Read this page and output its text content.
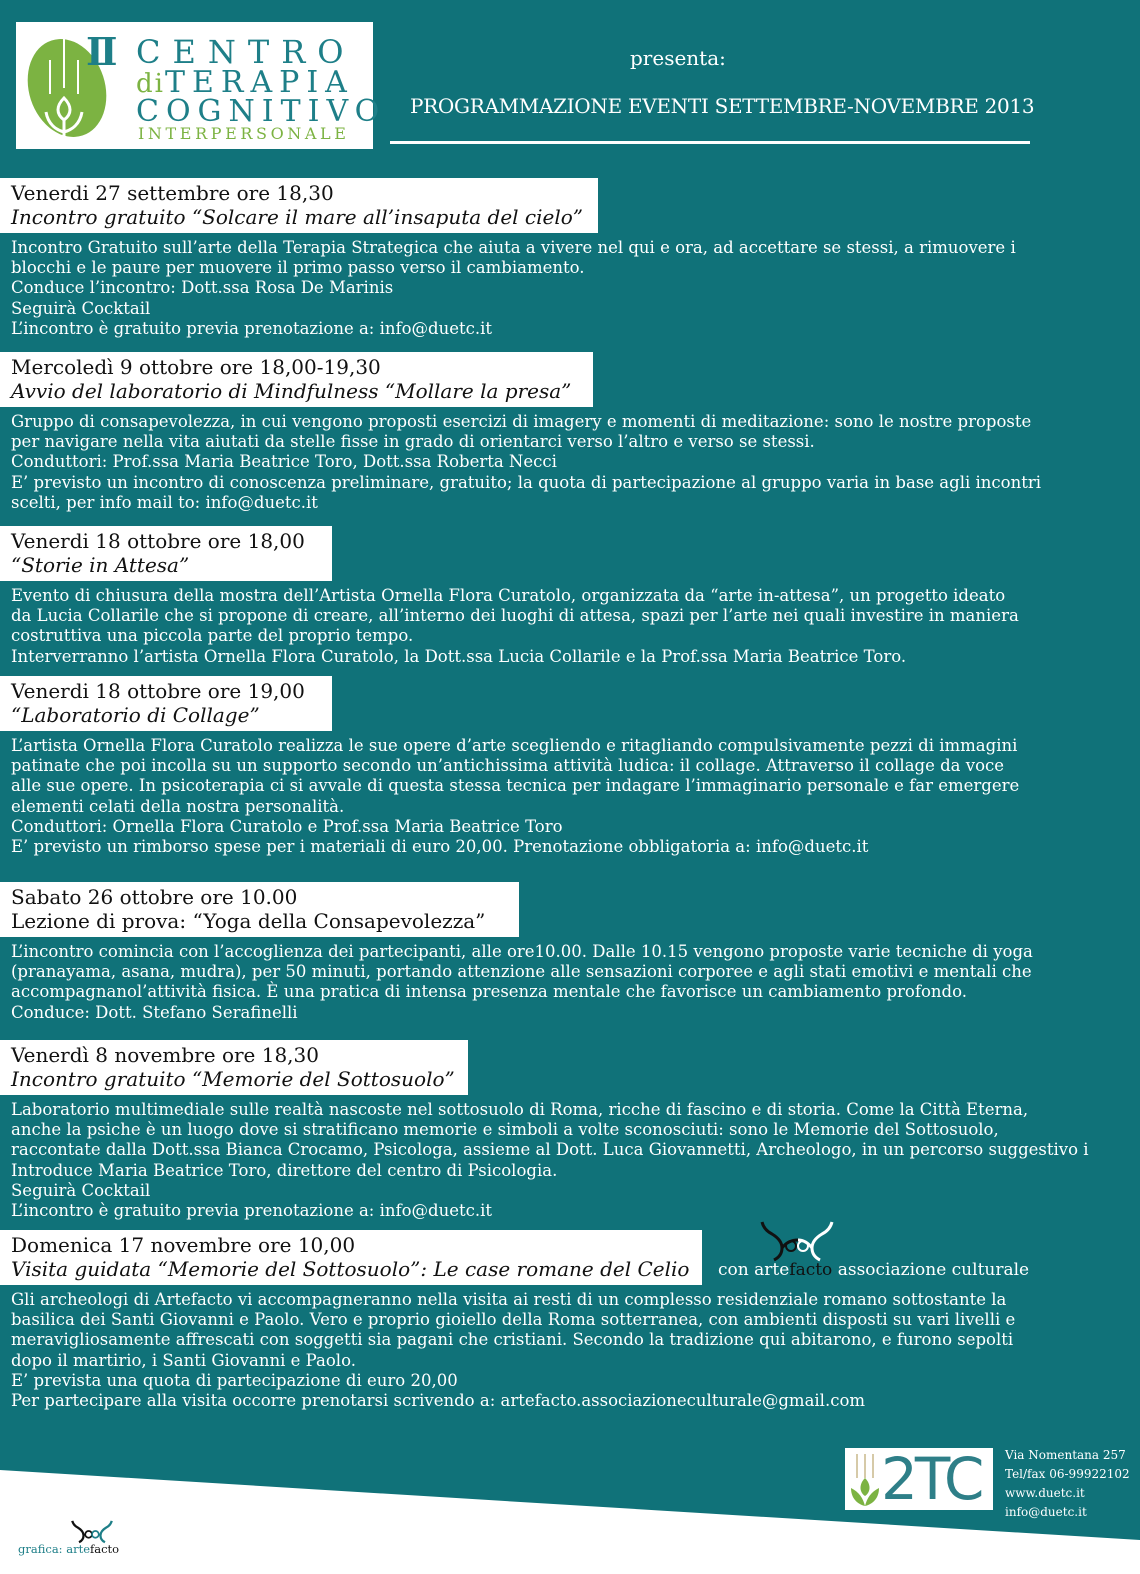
II CENTRO
diTERAPIA
COGNITIVO
INTERPERSONALE
presenta:
PROGRAMMAZIONE EVENTI SETTEMBRE-NOVEMBRE 2013
Venerdi 27 settembre ore 18,30
Incontro gratuito “Solcare il mare all’insaputa del cielo”

Incontro Gratuito sull’arte della Terapia Strategica che aiuta a vivere nel qui e ora, ad accettare se stessi, a rimuovere i

blocchi e le paure per muovere il primo passo verso il cambiamento.

Conduce l’incontro: Dott.ssa Rosa De Marinis

Seguirà Cocktail

L’incontro è gratuito previa prenotazione a: info@duetc.it

Mercoledì 9 ottobre ore 18,00-19,30
Avvio del laboratorio di Mindfulness “Mollare la presa”

Gruppo di consapevolezza, in cui vengono proposti esercizi di imagery e momenti di meditazione: sono le nostre proposte

per navigare nella vita aiutati da stelle fisse in grado di orientarci verso l’altro e verso se stessi.

Conduttori: Prof.ssa Maria Beatrice Toro, Dott.ssa Roberta Necci

E’ previsto un incontro di conoscenza preliminare, gratuito; la quota di partecipazione al gruppo varia in base agli incontri

scelti, per info mail to: info@duetc.it

Venerdi 18 ottobre ore 18,00
“Storie in Attesa”

Evento di chiusura della mostra dell’Artista Ornella Flora Curatolo, organizzata da “arte in-attesa”, un progetto ideato

da Lucia Collarile che si propone di creare, all’interno dei luoghi di attesa, spazi per l’arte nei quali investire in maniera

costruttiva una piccola parte del proprio tempo.

Interverranno l’artista Ornella Flora Curatolo, la Dott.ssa Lucia Collarile e la Prof.ssa Maria Beatrice Toro.

Venerdi 18 ottobre ore 19,00
“Laboratorio di Collage”

L’artista Ornella Flora Curatolo realizza le sue opere d’arte scegliendo e ritagliando compulsivamente pezzi di immagini

patinate che poi incolla su un supporto secondo un’antichissima attività ludica: il collage. Attraverso il collage da voce

alle sue opere. In psicoterapia ci si avvale di questa stessa tecnica per indagare l’immaginario personale e far emergere

elementi celati della nostra personalità.

Conduttori: Ornella Flora Curatolo e Prof.ssa Maria Beatrice Toro

E’ previsto un rimborso spese per i materiali di euro 20,00. Prenotazione obbligatoria a: info@duetc.it

Sabato 26 ottobre ore 10.00
Lezione di prova: “Yoga della Consapevolezza”

L’incontro comincia con l’accoglienza dei partecipanti, alle ore10.00. Dalle 10.15 vengono proposte varie tecniche di yoga

(pranayama, asana, mudra), per 50 minuti, portando attenzione alle sensazioni corporee e agli stati emotivi e mentali che

accompagnanol’attività fisica. È una pratica di intensa presenza mentale che favorisce un cambiamento profondo.

Conduce: Dott. Stefano Serafinelli

Venerdì 8 novembre ore 18,30
Incontro gratuito “Memorie del Sottosuolo”

Laboratorio multimediale sulle realtà nascoste nel sottosuolo di Roma, ricche di fascino e di storia. Come la Città Eterna,

anche la psiche è un luogo dove si stratificano memorie e simboli a volte sconosciuti: sono le Memorie del Sottosuolo,

raccontate dalla Dott.ssa Bianca Crocamo, Psicologa, assieme al Dott. Luca Giovannetti, Archeologo, in un percorso suggestivo i

Introduce Maria Beatrice Toro, direttore del centro di Psicologia.

Seguirà Cocktail

L’incontro è gratuito previa prenotazione a: info@duetc.it

Domenica 17 novembre ore 10,00
Visita guidata “Memorie del Sottosuolo”: Le case romane del Celio

Gli archeologi di Artefacto vi accompagneranno nella visita ai resti di un complesso residenziale romano sottostante la

basilica dei Santi Giovanni e Paolo. Vero e proprio gioiello della Roma sotterranea, con ambienti disposti su vari livelli e

meravigliosamente affrescati con soggetti sia pagani che cristiani. Secondo la tradizione qui abitarono, e furono sepolti

dopo il martirio, i Santi Giovanni e Paolo.

E’ prevista una quota di partecipazione di euro 20,00

Per partecipare alla visita occorre prenotarsi scrivendo a: artefacto.associazioneculturale@gmail.com

con artefacto associazione culturale
2TC Via Nomentana 257
Tel/fax 06-99922102
www.duetc.it
info@duetc.it
grafica: artefacto
